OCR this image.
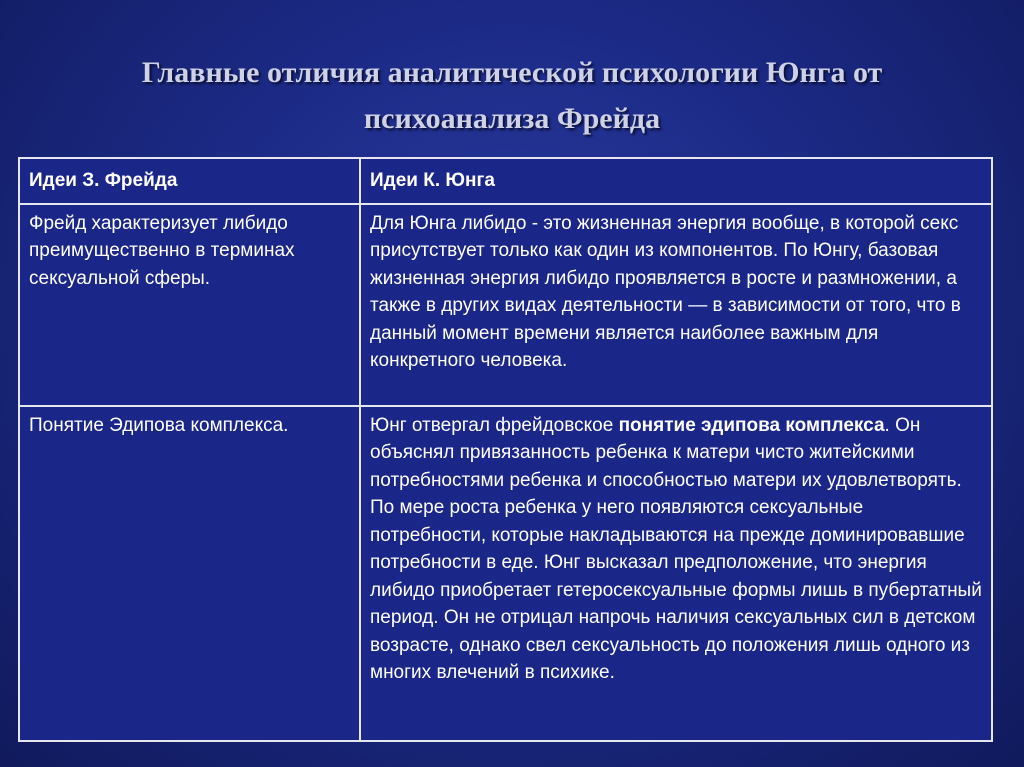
Главные отличия аналитической психологии Юнга от
психоанализа Фрейда
Идеи З. Фрейда	Идеи К. Юнга
Фрейд характеризует либидо преимущественно в терминах сексуальной сферы.	Для Юнга либидо - это жизненная энергия вообще, в которой секс присутствует только как один из компонентов. По Юнгу, базовая жизненная энергия либидо проявляется в росте и размножении, а также в других видах деятельности — в зависимости от того, что в данный момент времени является наиболее важным для конкретного человека.
Понятие Эдипова комплекса.	Юнг отвергал фрейдовское понятие эдипова комплекса. Он объяснял привязанность ребенка к матери чисто житейскими потребностями ребенка и способностью матери их удовлетворять. По мере роста ребенка у него появляются сексуальные потребности, которые накладываются на прежде доминировавшие потребности в еде. Юнг высказал предположение, что энергия либидо приобретает гетеросексуальные формы лишь в пубертатный период. Он не отрицал напрочь наличия сексуальных сил в детском возрасте, однако свел сексуальность до положения лишь одного из многих влечений в психике.
